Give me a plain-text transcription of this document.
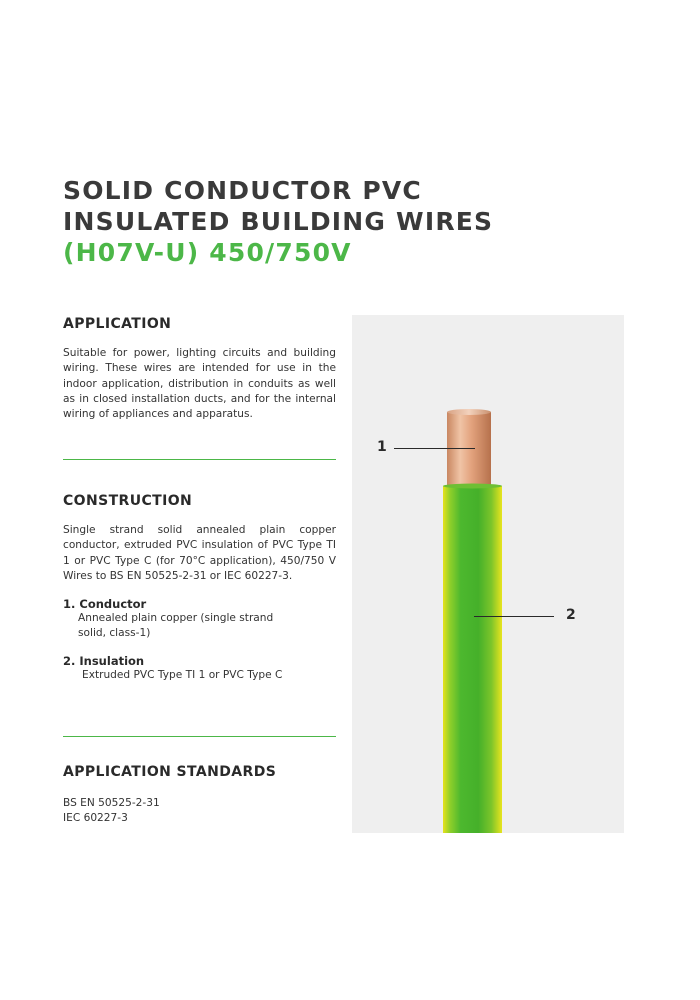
SOLID CONDUCTOR PVC
INSULATED BUILDING WIRES
(H07V-U) 450/750V
APPLICATION

Suitable for power, lighting circuits and building wiring. These wires are intended for use in the indoor application, distribution in conduits as well as in closed installation ducts, and for the internal wiring of appliances and apparatus.

CONSTRUCTION

Single strand solid annealed plain copper conductor, extruded PVC insulation of PVC Type TI 1 or PVC Type C (for 70°C application), 450/750 V Wires to BS EN 50525-2-31 or IEC 60227-3.

1. Conductor
Annealed plain copper (single strand
solid, class-1)
2. Insulation
Extruded PVC Type TI 1 or PVC Type C
APPLICATION STANDARDS
BS EN 50525-2-31
IEC 60227-3
1
2
